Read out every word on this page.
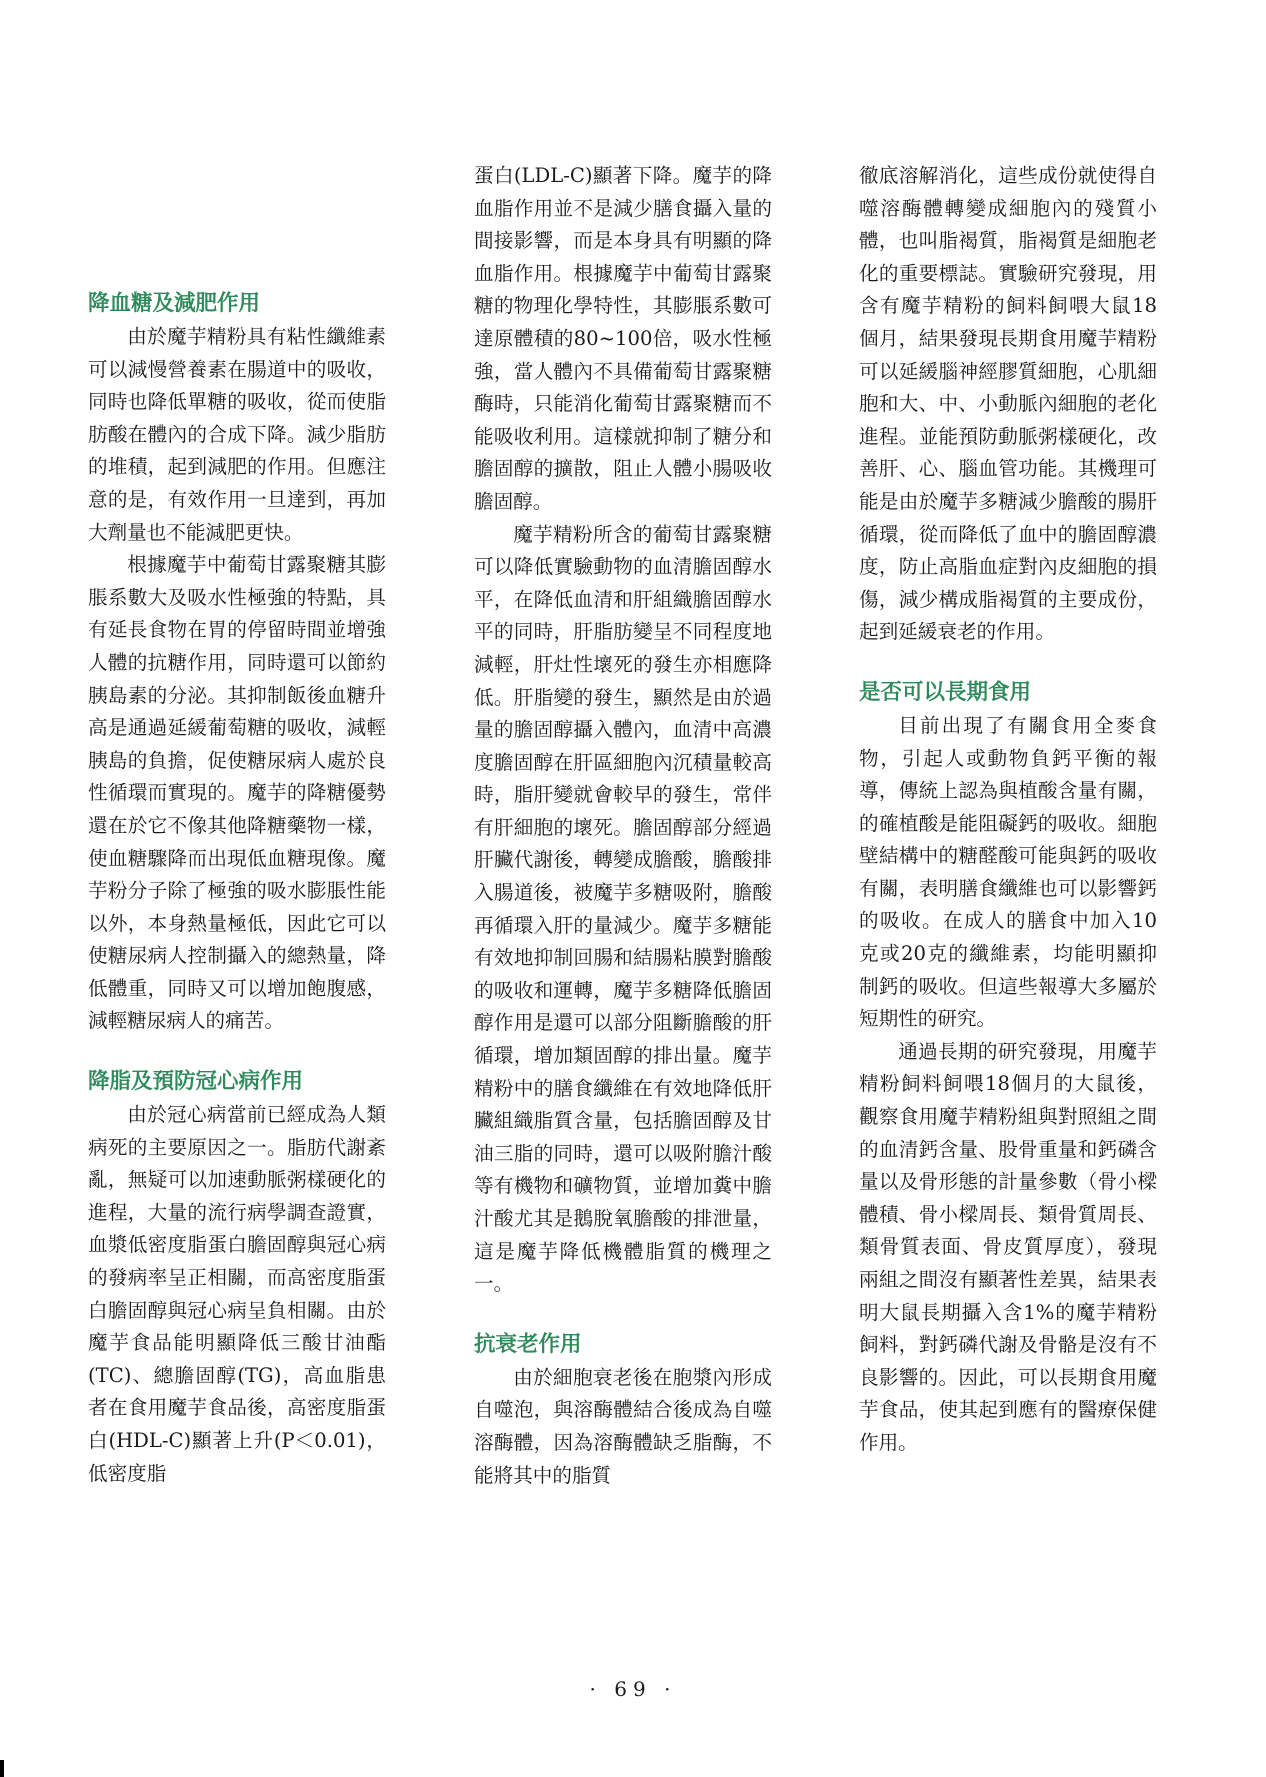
降血糖及減肥作用

由於魔芋精粉具有粘性纖維素可以減慢營養素在腸道中的吸收，同時也降低單糖的吸收，從而使脂肪酸在體內的合成下降。減少脂肪的堆積，起到減肥的作用。但應注意的是，有效作用一旦達到，再加大劑量也不能減肥更快。

根據魔芋中葡萄甘露聚糖其膨脹系數大及吸水性極強的特點，具有延長食物在胃的停留時間並增強人體的抗糖作用，同時還可以節約胰島素的分泌。其抑制飯後血糖升高是通過延緩葡萄糖的吸收，減輕胰島的負擔，促使糖尿病人處於良性循環而實現的。魔芋的降糖優勢還在於它不像其他降糖藥物一樣，使血糖驟降而出現低血糖現像。魔芋粉分子除了極強的吸水膨脹性能以外，本身熱量極低，因此它可以使糖尿病人控制攝入的總熱量，降低體重，同時又可以增加飽腹感，減輕糖尿病人的痛苦。

降脂及預防冠心病作用

由於冠心病當前已經成為人類病死的主要原因之一。脂肪代謝紊亂，無疑可以加速動脈粥樣硬化的進程，大量的流行病學調查證實，血漿低密度脂蛋白膽固醇與冠心病的發病率呈正相關，而高密度脂蛋白膽固醇與冠心病呈負相關。由於魔芋食品能明顯降低三酸甘油酯(TC)、總膽固醇(TG)，高血脂患者在食用魔芋食品後，高密度脂蛋白(HDL-C)顯著上升(P＜0.01)，低密度脂

蛋白(LDL-C)顯著下降。魔芋的降血脂作用並不是減少膳食攝入量的間接影響，而是本身具有明顯的降血脂作用。根據魔芋中葡萄甘露聚糖的物理化學特性，其膨脹系數可達原體積的80~100倍，吸水性極強，當人體內不具備葡萄甘露聚糖酶時，只能消化葡萄甘露聚糖而不能吸收利用。這樣就抑制了糖分和膽固醇的擴散，阻止人體小腸吸收膽固醇。

魔芋精粉所含的葡萄甘露聚糖可以降低實驗動物的血清膽固醇水平，在降低血清和肝組織膽固醇水平的同時，肝脂肪變呈不同程度地減輕，肝灶性壞死的發生亦相應降低。肝脂變的發生，顯然是由於過量的膽固醇攝入體內，血清中高濃度膽固醇在肝區細胞內沉積量較高時，脂肝變就會較早的發生，常伴有肝細胞的壞死。膽固醇部分經過肝臟代謝後，轉變成膽酸，膽酸排入腸道後，被魔芋多糖吸附，膽酸再循環入肝的量減少。魔芋多糖能有效地抑制回腸和結腸粘膜對膽酸的吸收和運轉，魔芋多糖降低膽固醇作用是還可以部分阻斷膽酸的肝循環，增加類固醇的排出量。魔芋精粉中的膳食纖維在有效地降低肝臟組織脂質含量，包括膽固醇及甘油三脂的同時，還可以吸附膽汁酸等有機物和礦物質，並增加糞中膽汁酸尤其是鵝脫氧膽酸的排泄量，這是魔芋降低機體脂質的機理之一。

抗衰老作用

由於細胞衰老後在胞漿內形成自噬泡，與溶酶體結合後成為自噬溶酶體，因為溶酶體缺乏脂酶，不能將其中的脂質

徹底溶解消化，這些成份就使得自噬溶酶體轉變成細胞內的殘質小體，也叫脂褐質，脂褐質是細胞老化的重要標誌。實驗研究發現，用含有魔芋精粉的飼料飼喂大鼠18個月，結果發現長期食用魔芋精粉可以延緩腦神經膠質細胞，心肌細胞和大、中、小動脈內細胞的老化進程。並能預防動脈粥樣硬化，改善肝、心、腦血管功能。其機理可能是由於魔芋多糖減少膽酸的腸肝循環，從而降低了血中的膽固醇濃度，防止高脂血症對內皮細胞的損傷，減少構成脂褐質的主要成份，起到延緩衰老的作用。

是否可以長期食用

目前出現了有關食用全麥食物，引起人或動物負鈣平衡的報導，傳統上認為與植酸含量有關，的確植酸是能阻礙鈣的吸收。細胞壁結構中的糖醛酸可能與鈣的吸收有關，表明膳食纖維也可以影響鈣的吸收。在成人的膳食中加入10克或20克的纖維素，均能明顯抑制鈣的吸收。但這些報導大多屬於短期性的研究。

通過長期的研究發現，用魔芋精粉飼料飼喂18個月的大鼠後，觀察食用魔芋精粉組與對照組之間的血清鈣含量、股骨重量和鈣磷含量以及骨形態的計量參數（骨小樑體積、骨小樑周長、類骨質周長、類骨質表面、骨皮質厚度），發現兩組之間沒有顯著性差異，結果表明大鼠長期攝入含1%的魔芋精粉飼料，對鈣磷代謝及骨骼是沒有不良影響的。因此，可以長期食用魔芋食品，使其起到應有的醫療保健作用。

· 69 ·
